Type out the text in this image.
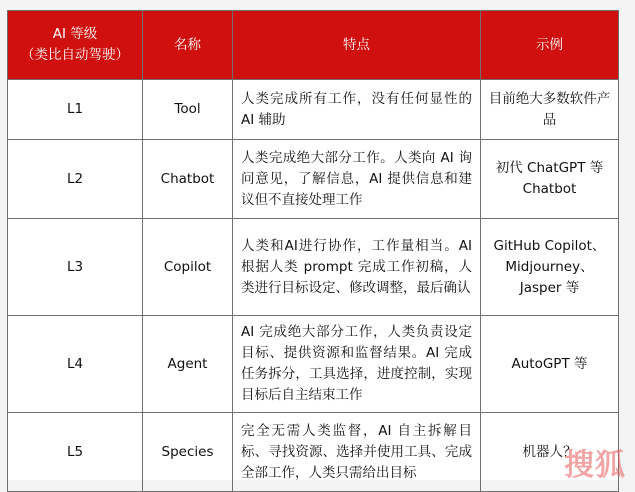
AI 等级
（类比自动驾驶）	名称	特点	示例
L1	Tool	人类完成所有工作，没有任何显性的 AI 辅助	目前绝大多数软件产品
L2	Chatbot	人类完成绝大部分工作。人类向 AI 询问意见，了解信息，AI 提供信息和建议但不直接处理工作	初代 ChatGPT 等 Chatbot
L3	Copilot	人类和AI进行协作，工作量相当。AI 根据人类 prompt 完成工作初稿，人类进行目标设定、修改调整，最后确认	GitHub Copilot、Midjourney、Jasper 等
L4	Agent	AI 完成绝大部分工作，人类负责设定目标、提供资源和监督结果。AI 完成任务拆分，工具选择，进度控制，实现目标后自主结束工作	AutoGPT 等
L5	Species	完全无需人类监督，AI 自主拆解目标、寻找资源、选择并使用工具、完成全部工作，人类只需给出目标	机器人？
搜狐
